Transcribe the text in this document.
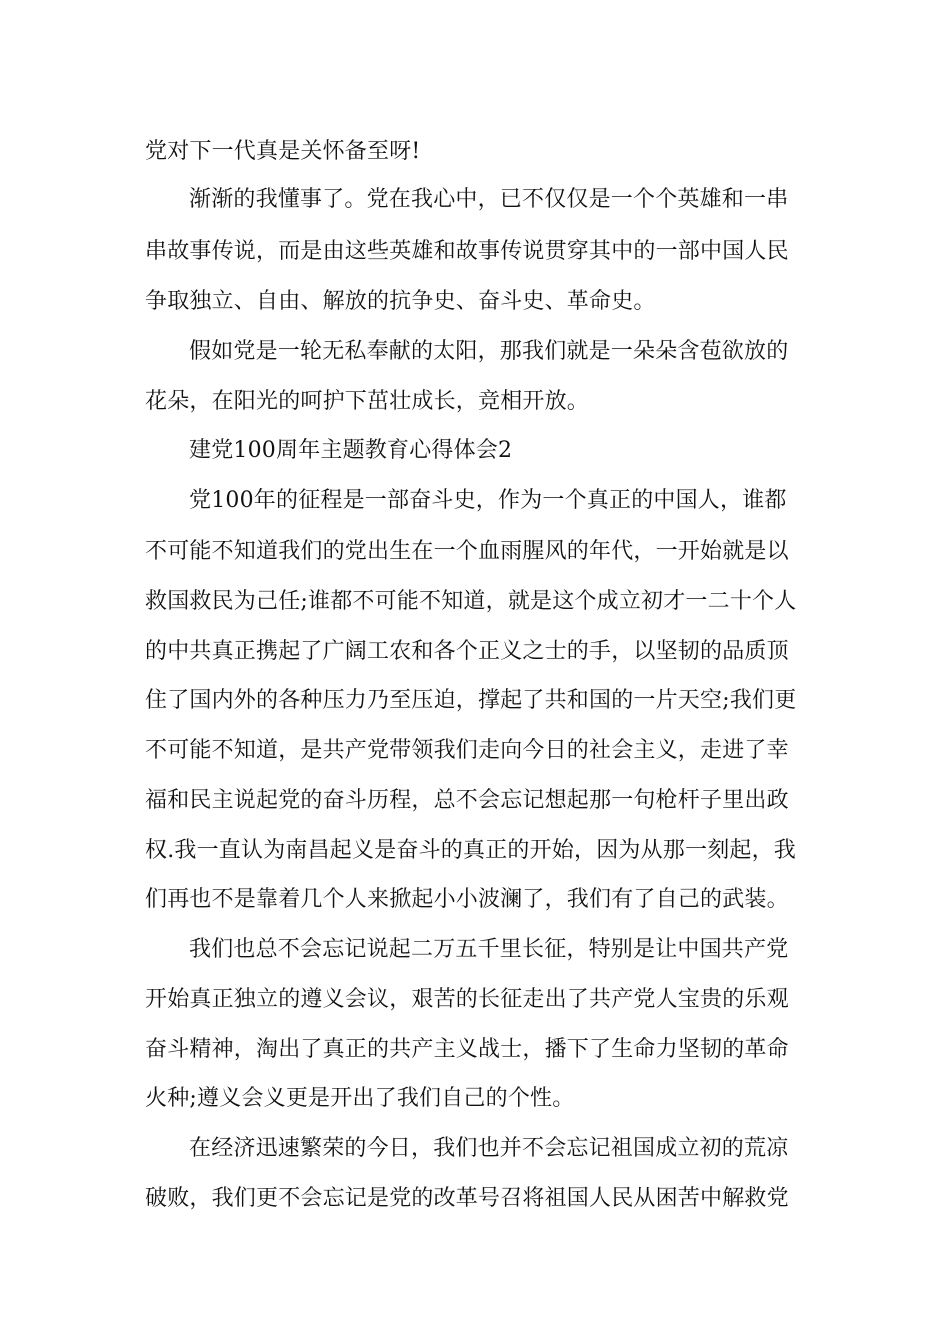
党对下一代真是关怀备至呀!
渐渐的我懂事了。党在我心中，已不仅仅是一个个英雄和一串
串故事传说，而是由这些英雄和故事传说贯穿其中的一部中国人民
争取独立、自由、解放的抗争史、奋斗史、革命史。
假如党是一轮无私奉献的太阳，那我们就是一朵朵含苞欲放的
花朵，在阳光的呵护下茁壮成长，竞相开放。
建党100周年主题教育心得体会2
党100年的征程是一部奋斗史，作为一个真正的中国人，谁都
不可能不知道我们的党出生在一个血雨腥风的年代，一开始就是以
救国救民为己任;谁都不可能不知道，就是这个成立初才一二十个人
的中共真正携起了广阔工农和各个正义之士的手，以坚韧的品质顶
住了国内外的各种压力乃至压迫，撑起了共和国的一片天空;我们更
不可能不知道，是共产党带领我们走向今日的社会主义，走进了幸
福和民主说起党的奋斗历程，总不会忘记想起那一句枪杆子里出政
权.我一直认为南昌起义是奋斗的真正的开始，因为从那一刻起，我
们再也不是靠着几个人来掀起小小波澜了，我们有了自己的武装。
我们也总不会忘记说起二万五千里长征，特别是让中国共产党
开始真正独立的遵义会议，艰苦的长征走出了共产党人宝贵的乐观
奋斗精神，淘出了真正的共产主义战士，播下了生命力坚韧的革命
火种;遵义会义更是开出了我们自己的个性。
在经济迅速繁荣的今日，我们也并不会忘记祖国成立初的荒凉
破败，我们更不会忘记是党的改革号召将祖国人民从困苦中解救党
